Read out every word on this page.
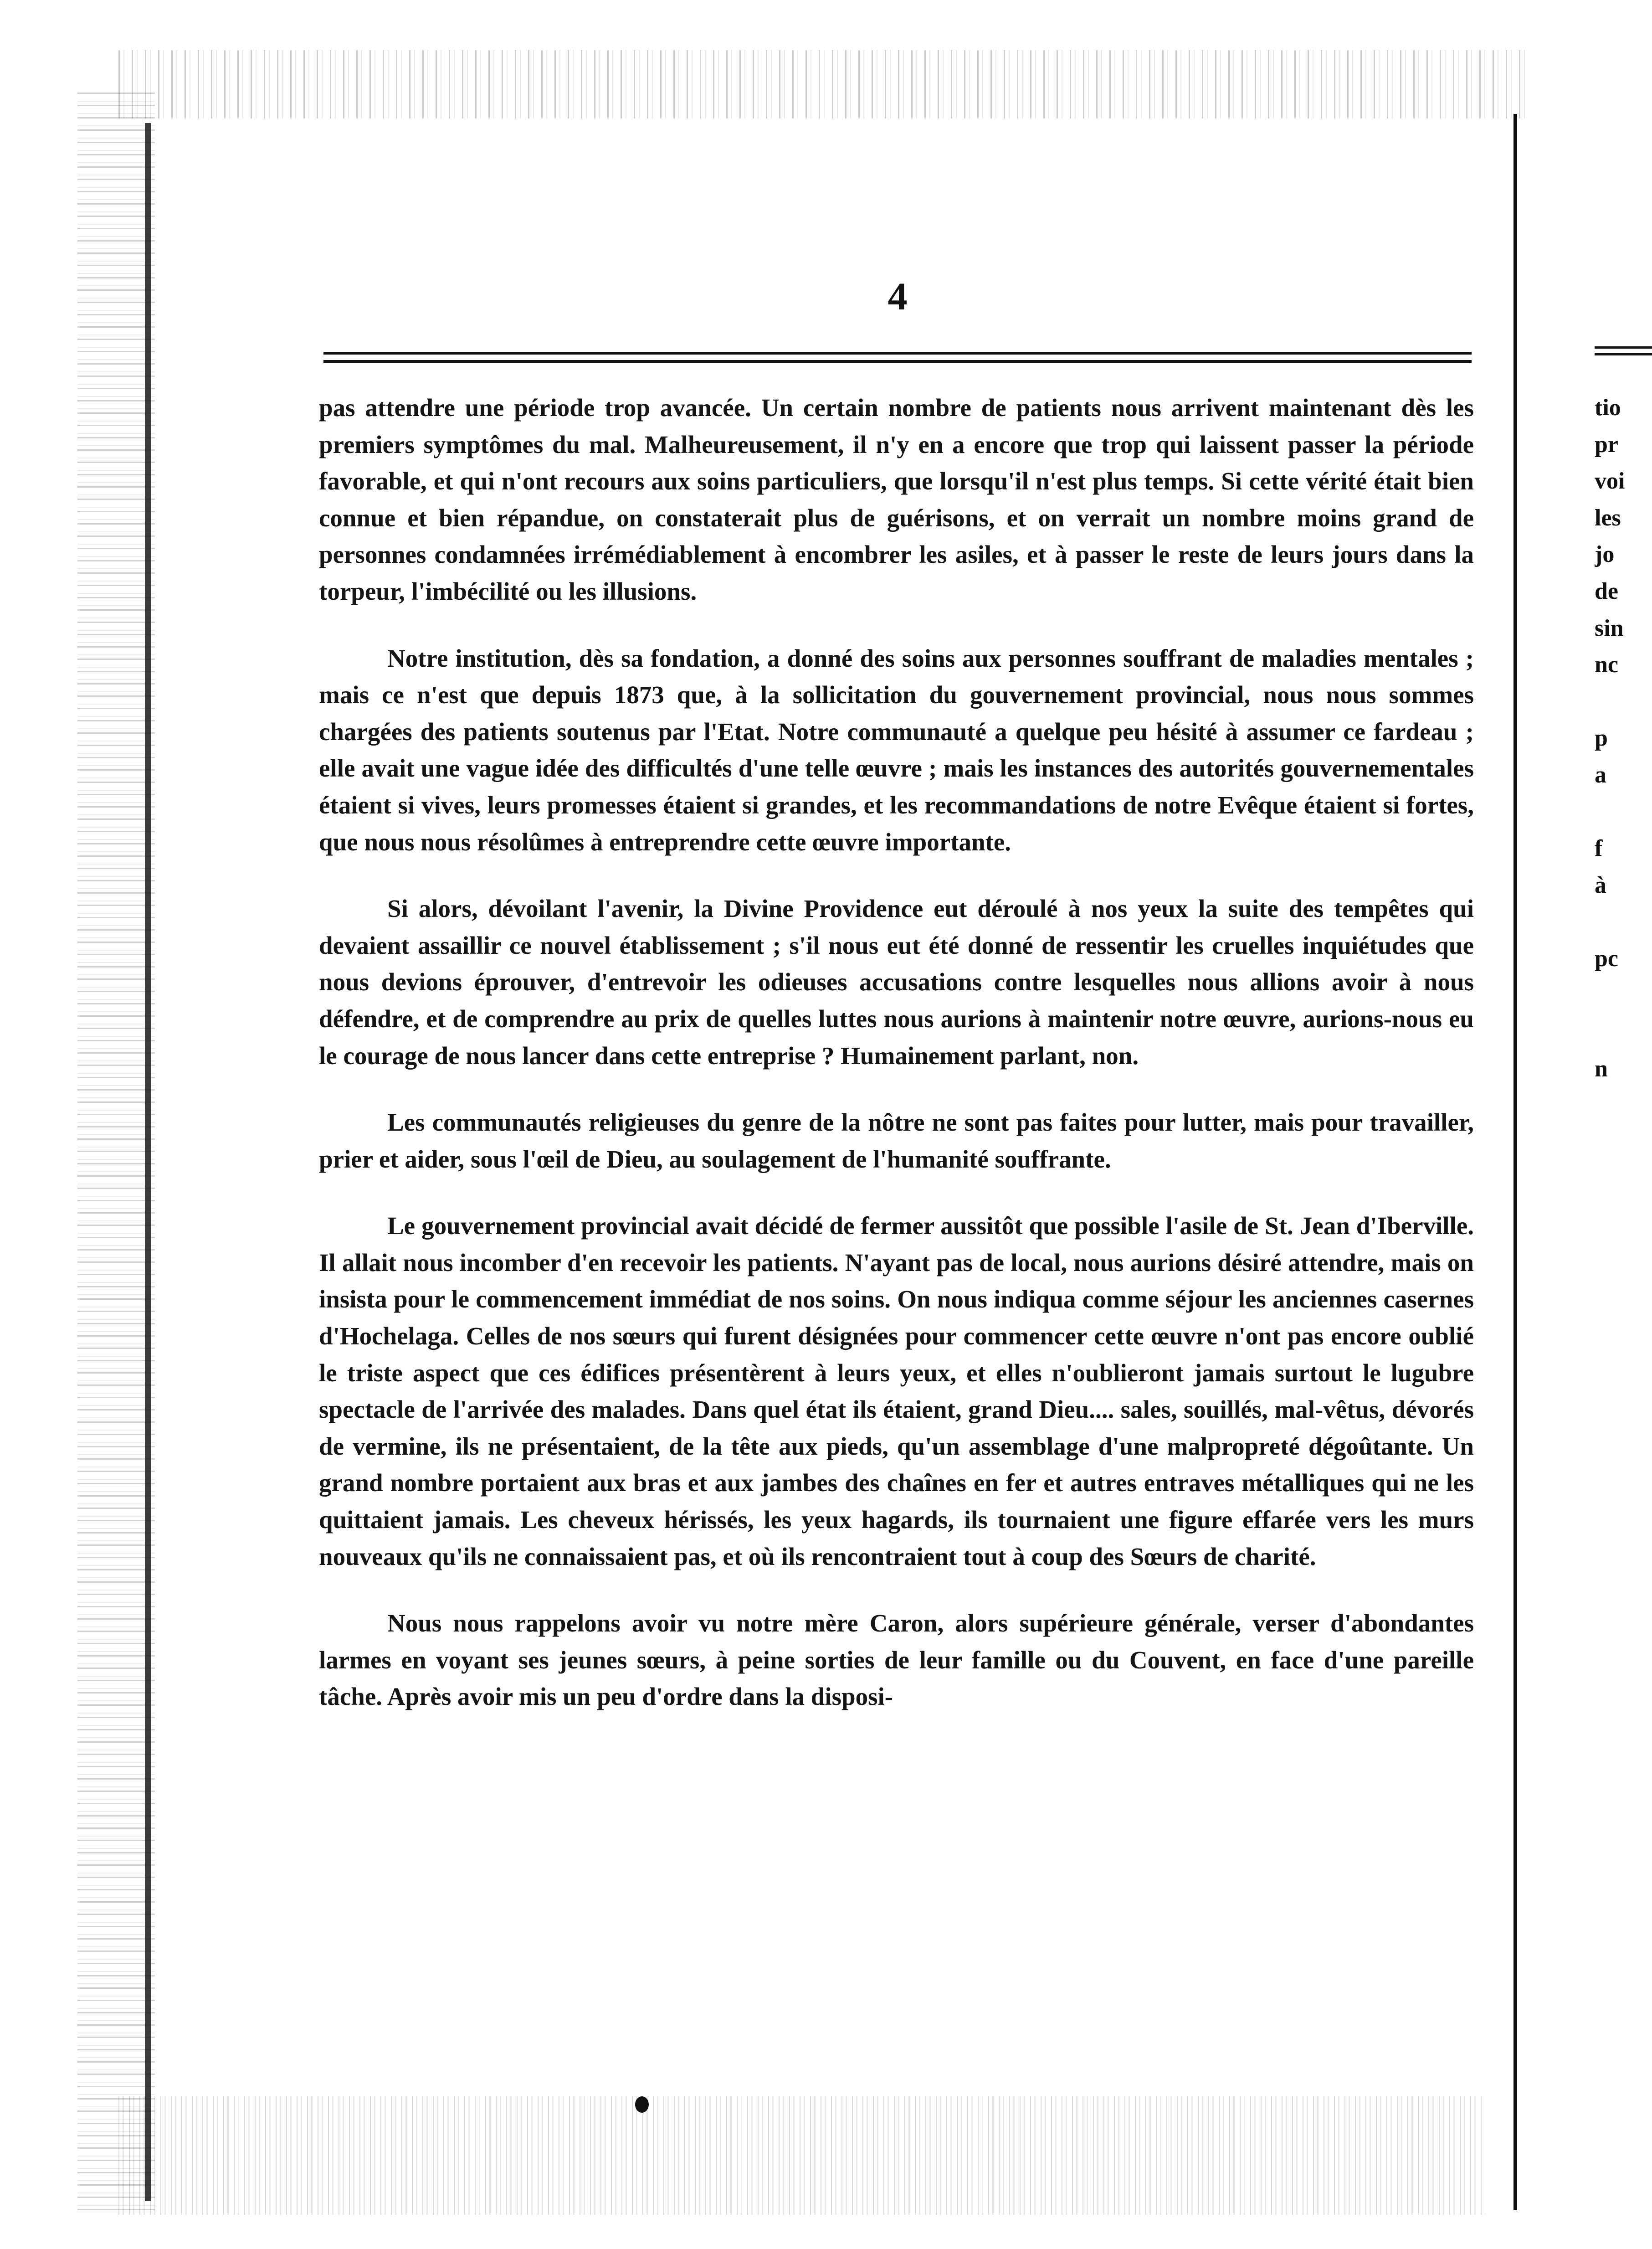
4

pas attendre une période trop avancée. Un certain nombre de patients nous arrivent maintenant dès les premiers symptômes du mal. Malheureusement, il n'y en a encore que trop qui laissent passer la période favorable, et qui n'ont recours aux soins particuliers, que lorsqu'il n'est plus temps. Si cette vérité était bien connue et bien répandue, on constaterait plus de guérisons, et on verrait un nombre moins grand de personnes condamnées irrémédiablement à encombrer les asiles, et à passer le reste de leurs jours dans la torpeur, l'imbécilité ou les illusions.

Notre institution, dès sa fondation, a donné des soins aux personnes souffrant de maladies mentales ; mais ce n'est que depuis 1873 que, à la sollicitation du gouvernement provincial, nous nous sommes chargées des patients soutenus par l'Etat. Notre communauté a quelque peu hésité à assumer ce fardeau ; elle avait une vague idée des difficultés d'une telle œuvre ; mais les instances des autorités gouvernementales étaient si vives, leurs promesses étaient si grandes, et les recommandations de notre Evêque étaient si fortes, que nous nous résolûmes à entreprendre cette œuvre importante.

Si alors, dévoilant l'avenir, la Divine Providence eut déroulé à nos yeux la suite des tempêtes qui devaient assaillir ce nouvel établissement ; s'il nous eut été donné de ressentir les cruelles inquiétudes que nous devions éprouver, d'entrevoir les odieuses accusations contre lesquelles nous allions avoir à nous défendre, et de comprendre au prix de quelles luttes nous aurions à maintenir notre œuvre, aurions-nous eu le courage de nous lancer dans cette entreprise ? Humainement parlant, non.

Les communautés religieuses du genre de la nôtre ne sont pas faites pour lutter, mais pour travailler, prier et aider, sous l'œil de Dieu, au soulagement de l'humanité souffrante.

Le gouvernement provincial avait décidé de fermer aussitôt que possible l'asile de St. Jean d'Iberville. Il allait nous incomber d'en recevoir les patients. N'ayant pas de local, nous aurions désiré attendre, mais on insista pour le commencement immédiat de nos soins. On nous indiqua comme séjour les anciennes casernes d'Hochelaga. Celles de nos sœurs qui furent désignées pour commencer cette œuvre n'ont pas encore oublié le triste aspect que ces édifices présentèrent à leurs yeux, et elles n'oublieront jamais surtout le lugubre spectacle de l'arrivée des malades. Dans quel état ils étaient, grand Dieu.... sales, souillés, mal-vêtus, dévorés de vermine, ils ne présentaient, de la tête aux pieds, qu'un assemblage d'une malpropreté dégoûtante. Un grand nombre portaient aux bras et aux jambes des chaînes en fer et autres entraves métalliques qui ne les quittaient jamais. Les cheveux hérissés, les yeux hagards, ils tournaient une figure effarée vers les murs nouveaux qu'ils ne connaissaient pas, et où ils rencontraient tout à coup des Sœurs de charité.

Nous nous rappelons avoir vu notre mère Caron, alors supérieure générale, verser d'abondantes larmes en voyant ses jeunes sœurs, à peine sorties de leur famille ou du Couvent, en face d'une pareille tâche. Après avoir mis un peu d'ordre dans la disposi-

tio
pr
voi
les
jo
de
sin
nc
p
a
f
à
pc
n
